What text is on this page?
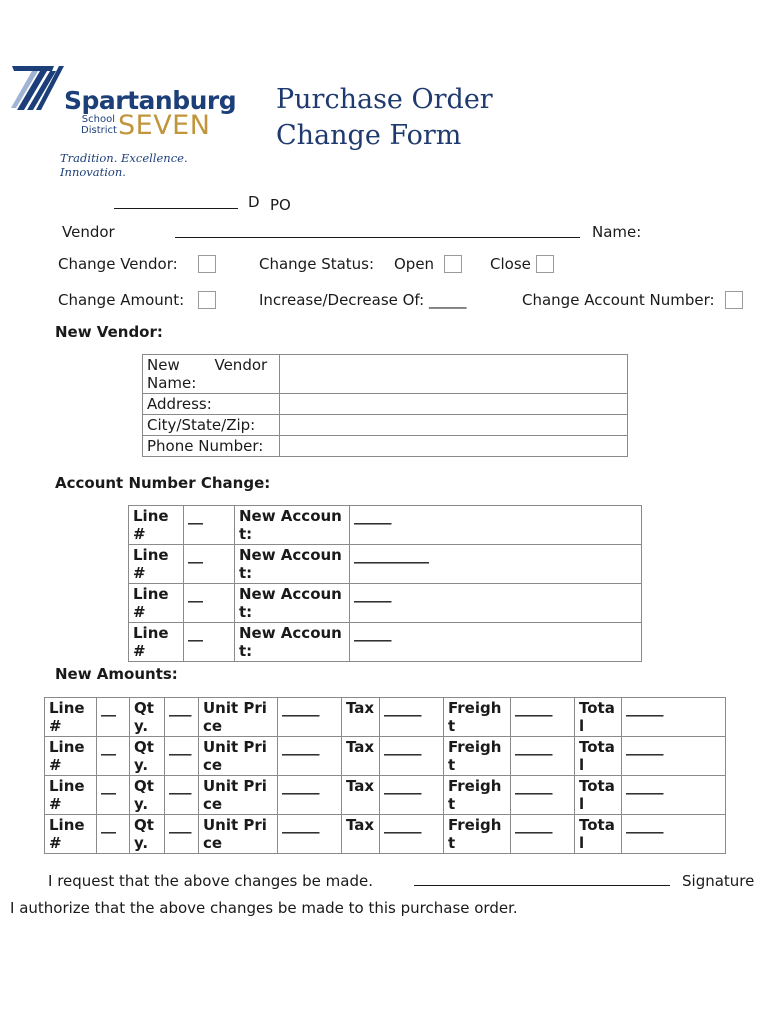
Spartanburg
School
District SEVEN
Tradition. Excellence. Innovation.
Purchase Order
Change Form
D PO
Vendor	Name:
Change Vendor:	Change Status: Open	Close
Change Amount:	Increase/Decrease Of: _____	Change Account Number:
New Vendor:
New Vendor Name:	

Address:	
City/State/Zip:	
Phone Number:	
Account Number Change:
Line #	__	New Account:	_____
Line #	__	New Account:	__________
Line #	__	New Account:	_____
Line #	__	New Account:	_____
New Amounts:
Line #	__	Qty.	___	Unit Price	_____	Tax	_____	Freight	_____	Total	_____
Line #	__	Qty.	___	Unit Price	_____	Tax	_____	Freight	_____	Total	_____
Line #	__	Qty.	___	Unit Price	_____	Tax	_____	Freight	_____	Total	_____
Line #	__	Qty.	___	Unit Price	_____	Tax	_____	Freight	_____	Total	_____
I request that the above changes be made.	Signature
I authorize that the above changes be made to this purchase order.
